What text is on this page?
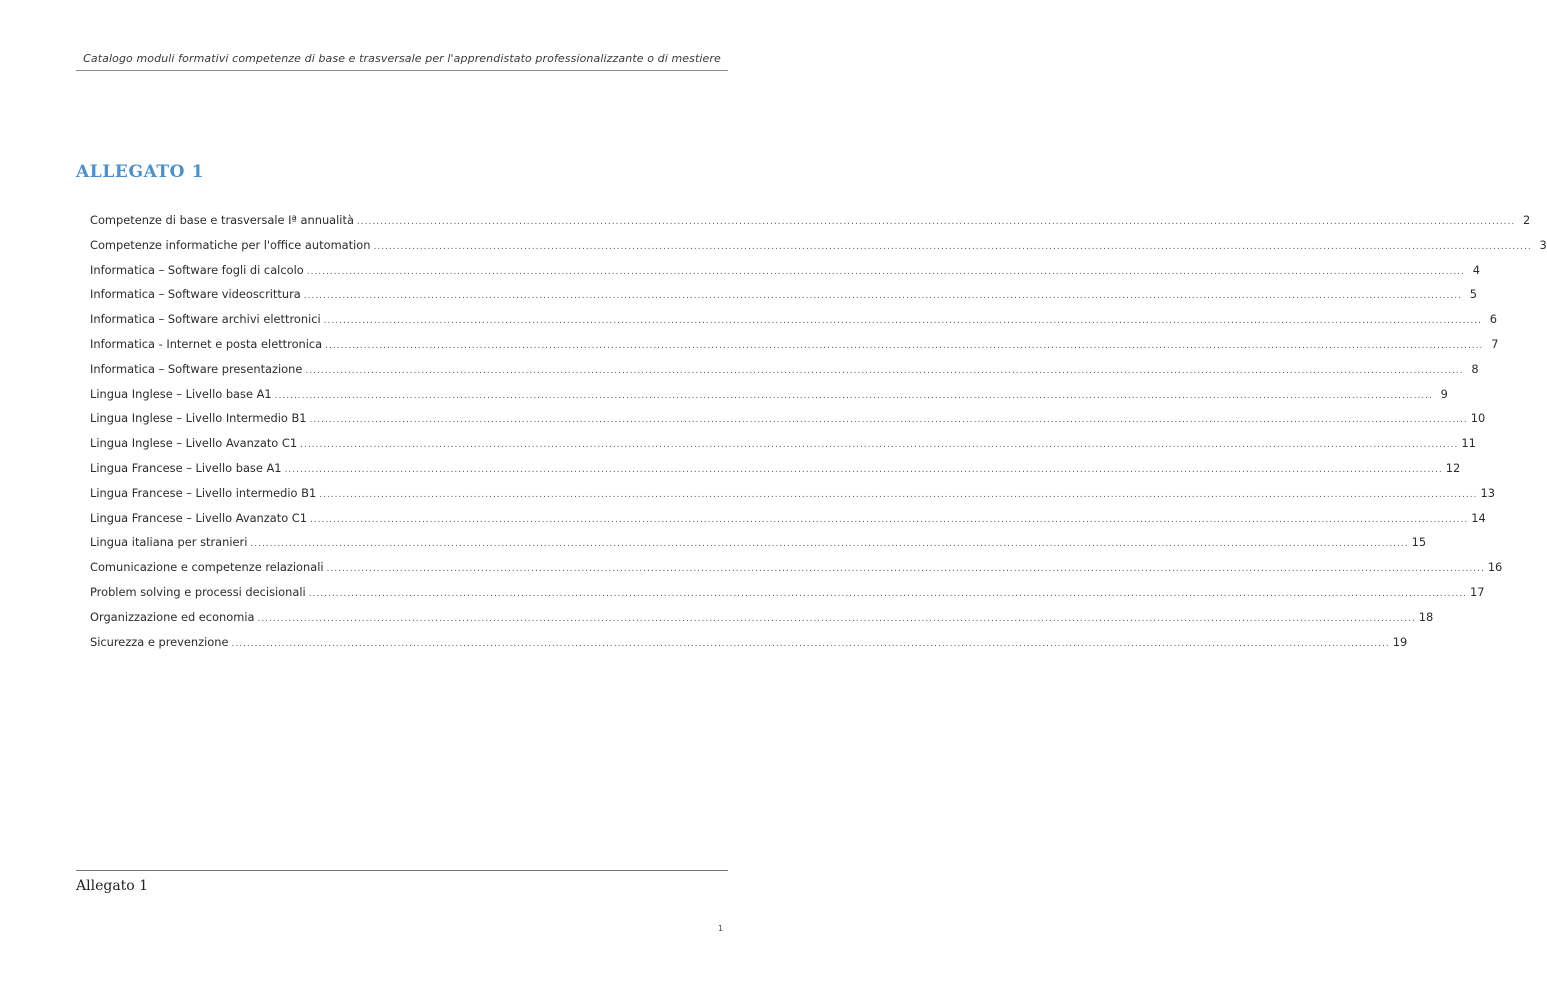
Catalogo moduli formativi competenze di base e trasversale per l'apprendistato professionalizzante o di mestiere
ALLEGATO 1
Competenze di base e trasversale Iª annualità ............................................................................................................................................................................................................................................................................................................ 2
Competenze informatiche per l'office automation ............................................................................................................................................................................................................................................................................................................ 3
Informatica – Software fogli di calcolo ............................................................................................................................................................................................................................................................................................................ 4
Informatica – Software videoscrittura ............................................................................................................................................................................................................................................................................................................ 5
Informatica – Software archivi elettronici ............................................................................................................................................................................................................................................................................................................ 6
Informatica - Internet e posta elettronica ............................................................................................................................................................................................................................................................................................................ 7
Informatica – Software presentazione ............................................................................................................................................................................................................................................................................................................ 8
Lingua Inglese – Livello base A1 ............................................................................................................................................................................................................................................................................................................ 9
Lingua Inglese – Livello Intermedio B1 ............................................................................................................................................................................................................................................................................................................ 10
Lingua Inglese – Livello Avanzato C1 ............................................................................................................................................................................................................................................................................................................ 11
Lingua Francese – Livello base A1 ............................................................................................................................................................................................................................................................................................................ 12
Lingua Francese – Livello intermedio B1 ............................................................................................................................................................................................................................................................................................................ 13
Lingua Francese – Livello Avanzato C1 ............................................................................................................................................................................................................................................................................................................ 14
Lingua italiana per stranieri ............................................................................................................................................................................................................................................................................................................ 15
Comunicazione e competenze relazionali ............................................................................................................................................................................................................................................................................................................ 16
Problem solving e processi decisionali ............................................................................................................................................................................................................................................................................................................ 17
Organizzazione ed economia ............................................................................................................................................................................................................................................................................................................ 18
Sicurezza e prevenzione ............................................................................................................................................................................................................................................................................................................ 19
Allegato 1
1
